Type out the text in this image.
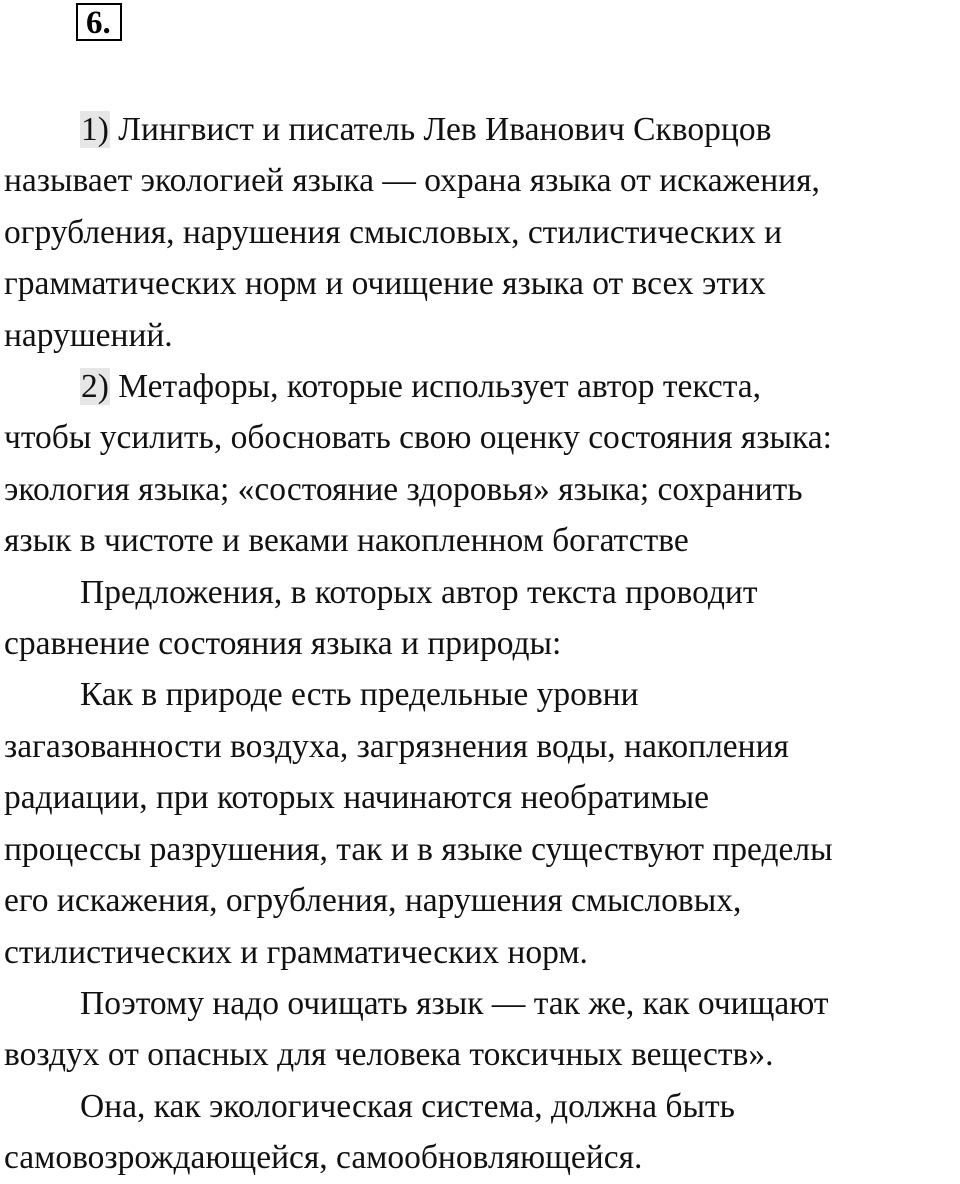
6.

1) Лингвист и писатель Лев Иванович Скворцов
называет экологией языка — охрана языка от искажения,
огрубления, нарушения смысловых, стилистических и
грамматических норм и очищение языка от всех этих
нарушений.

2) Метафоры, которые использует автор текста,
чтобы усилить, обосновать свою оценку состояния языка:
экология языка; «состояние здоровья» языка; сохранить
язык в чистоте и веками накопленном богатстве

Предложения, в которых автор текста проводит
сравнение состояния языка и природы:

Как в природе есть предельные уровни
загазованности воздуха, загрязнения воды, накопления
радиации, при которых начинаются необратимые
процессы разрушения, так и в языке существуют пределы
его искажения, огрубления, нарушения смысловых,
стилистических и грамматических норм.

Поэтому надо очищать язык — так же, как очищают
воздух от опасных для человека токсичных веществ».

Она, как экологическая система, должна быть
самовозрождающейся, самообновляющейся.
